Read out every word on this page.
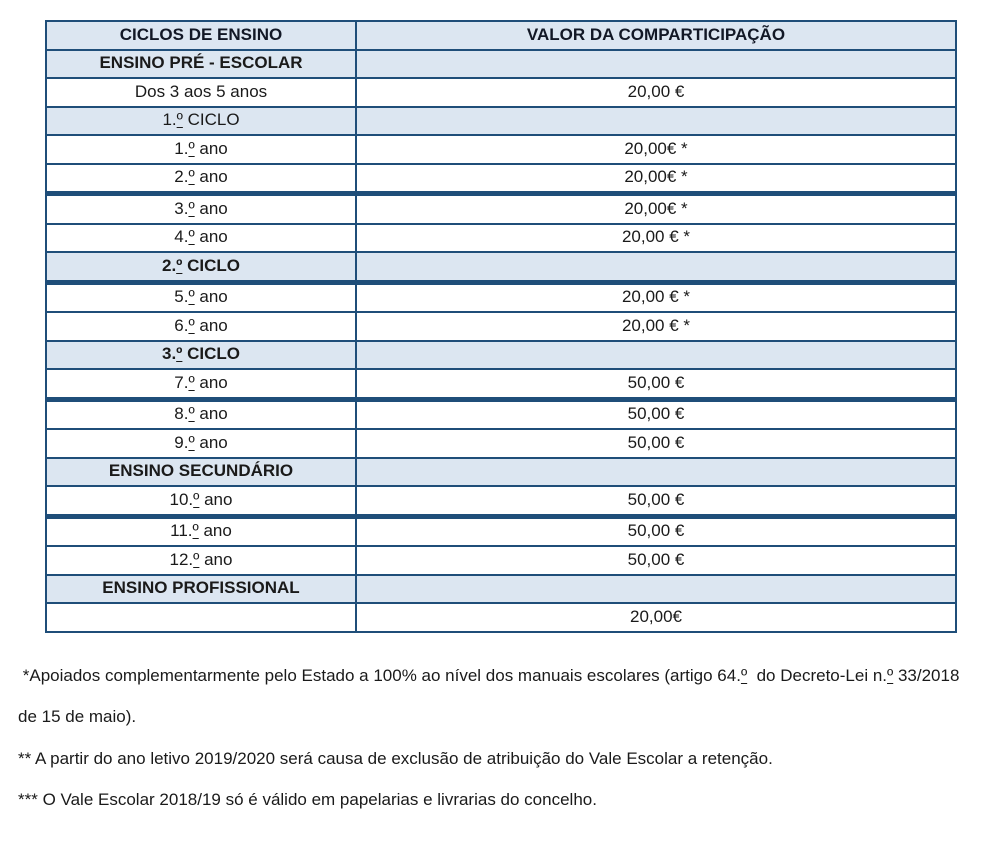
CICLOS DE ENSINO	VALOR DA COMPARTICIPAÇÃO
ENSINO PRÉ - ESCOLAR	
Dos 3 aos 5 anos	20,00 €
1.º CICLO	
1.º ano	20,00€ *
2.º ano	20,00€ *
3.º ano	20,00€ *
4.º ano	20,00 € *
2.º CICLO	
5.º ano	20,00 € *
6.º ano	20,00 € *
3.º CICLO	
7.º ano	50,00 €
8.º ano	50,00 €
9.º ano	50,00 €
ENSINO SECUNDÁRIO	
10.º ano	50,00 €
11.º ano	50,00 €
12.º ano	50,00 €
ENSINO PROFISSIONAL	
	20,00€

*Apoiados complementarmente pelo Estado a 100% ao nível dos manuais escolares (artigo 64.º  do Decreto-Lei n.º 33/2018 de 15 de maio).

** A partir do ano letivo 2019/2020 será causa de exclusão de atribuição do Vale Escolar a retenção.

*** O Vale Escolar 2018/19 só é válido em papelarias e livrarias do concelho.
